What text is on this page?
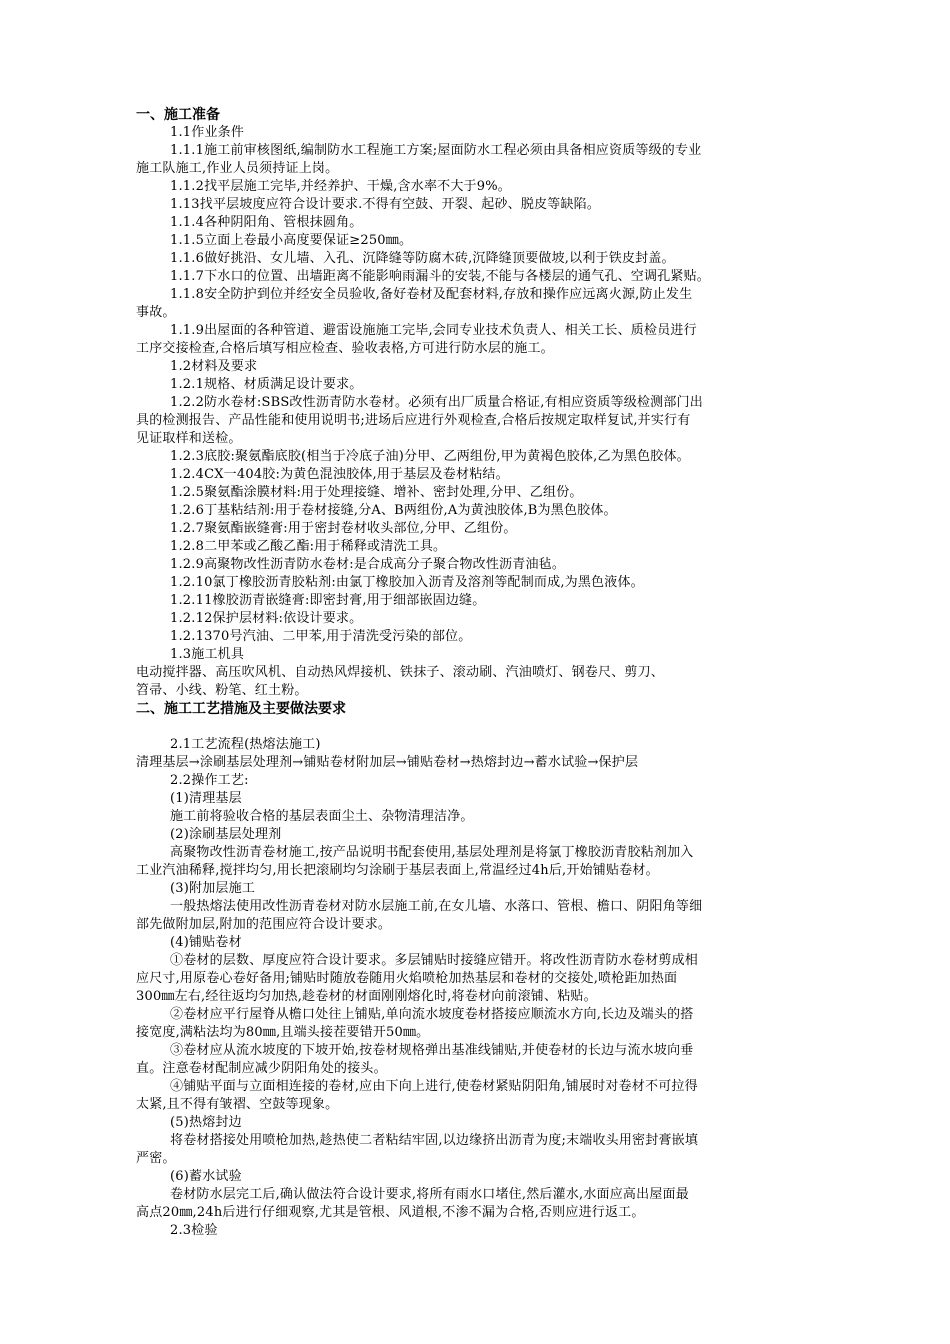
一、施工准备
1.1作业条件
1.1.1施工前审核图纸,编制防水工程施工方案;屋面防水工程必须由具备相应资质等级的专业
施工队施工,作业人员须持证上岗。
1.1.2找平层施工完毕,并经养护、干燥,含水率不大于9%。
1.13找平层坡度应符合设计要求.不得有空鼓、开裂、起砂、脱皮等缺陷。
1.1.4各种阴阳角、管根抹圆角。
1.1.5立面上卷最小高度要保证≥250㎜。
1.1.6做好挑沿、女儿墙、入孔、沉降缝等防腐木砖,沉降缝顶要做坡,以利于铁皮封盖。
1.1.7下水口的位置、出墙距离不能影响雨漏斗的安装,不能与各楼层的通气孔、空调孔紧贴。
1.1.8安全防护到位并经安全员验收,备好卷材及配套材料,存放和操作应远离火源,防止发生
事故。
1.1.9出屋面的各种管道、避雷设施施工完毕,会同专业技术负责人、相关工长、质检员进行
工序交接检查,合格后填写相应检查、验收表格,方可进行防水层的施工。
1.2材料及要求
1.2.1规格、材质满足设计要求。
1.2.2防水卷材:SBS改性沥青防水卷材。必须有出厂质量合格证,有相应资质等级检测部门出
具的检测报告、产品性能和使用说明书;进场后应进行外观检查,合格后按规定取样复试,并实行有
见证取样和送检。
1.2.3底胶:聚氨酯底胶(相当于冷底子油)分甲、乙两组份,甲为黄褐色胶体,乙为黑色胶体。
1.2.4CX一404胶:为黄色混浊胶体,用于基层及卷材粘结。
1.2.5聚氨酯涂膜材料:用于处理接缝、增补、密封处理,分甲、乙组份。
1.2.6丁基粘结剂:用于卷材接缝,分A、B两组份,A为黄浊胶体,B为黑色胶体。
1.2.7聚氨酯嵌缝膏:用于密封卷材收头部位,分甲、乙组份。
1.2.8二甲苯或乙酸乙酯:用于稀释或清洗工具。
1.2.9高聚物改性沥青防水卷材:是合成高分子聚合物改性沥青油毡。
1.2.10氯丁橡胶沥青胶粘剂:由氯丁橡胶加入沥青及溶剂等配制而成,为黑色液体。
1.2.11橡胶沥青嵌缝膏:即密封膏,用于细部嵌固边缝。
1.2.12保护层材料:依设计要求。
1.2.1370号汽油、二甲苯,用于清洗受污染的部位。
1.3施工机具
电动搅拌器、高压吹风机、自动热风焊接机、铁抹子、滚动刷、汽油喷灯、钢卷尺、剪刀、
笤帚、小线、粉笔、红土粉。
二、施工工艺措施及主要做法要求
2.1工艺流程(热熔法施工)
清理基层→涂刷基层处理剂→铺贴卷材附加层→铺贴卷材→热熔封边→蓄水试验→保护层
2.2操作工艺:
(1)清理基层
施工前将验收合格的基层表面尘土、杂物清理洁净。
(2)涂刷基层处理剂
高聚物改性沥青卷材施工,按产品说明书配套使用,基层处理剂是将氯丁橡胶沥青胶粘剂加入
工业汽油稀释,搅拌均匀,用长把滚刷均匀涂刷于基层表面上,常温经过4h后,开始铺贴卷材。
(3)附加层施工
一般热熔法使用改性沥青卷材对防水层施工前,在女儿墙、水落口、管根、檐口、阴阳角等细
部先做附加层,附加的范围应符合设计要求。
(4)铺贴卷材
①卷材的层数、厚度应符合设计要求。多层铺贴时接缝应错开。将改性沥青防水卷材剪成相
应尺寸,用原卷心卷好备用;铺贴时随放卷随用火焰喷枪加热基层和卷材的交接处,喷枪距加热面
300㎜左右,经往返均匀加热,趁卷材的材面刚刚熔化时,将卷材向前滚铺、粘贴。
②卷材应平行屋脊从檐口处往上铺贴,单向流水坡度卷材搭接应顺流水方向,长边及端头的搭
接宽度,满粘法均为80㎜,且端头接茬要错开50㎜。
③卷材应从流水坡度的下坡开始,按卷材规格弹出基准线铺贴,并使卷材的长边与流水坡向垂
直。注意卷材配制应减少阴阳角处的接头。
④铺贴平面与立面相连接的卷材,应由下向上进行,使卷材紧贴阴阳角,铺展时对卷材不可拉得
太紧,且不得有皱褶、空鼓等现象。
(5)热熔封边
将卷材搭接处用喷枪加热,趁热使二者粘结牢固,以边缘挤出沥青为度;末端收头用密封膏嵌填
严密。
(6)蓄水试验
卷材防水层完工后,确认做法符合设计要求,将所有雨水口堵住,然后灌水,水面应高出屋面最
高点20㎜,24h后进行仔细观察,尤其是管根、风道根,不渗不漏为合格,否则应进行返工。
2.3检验
